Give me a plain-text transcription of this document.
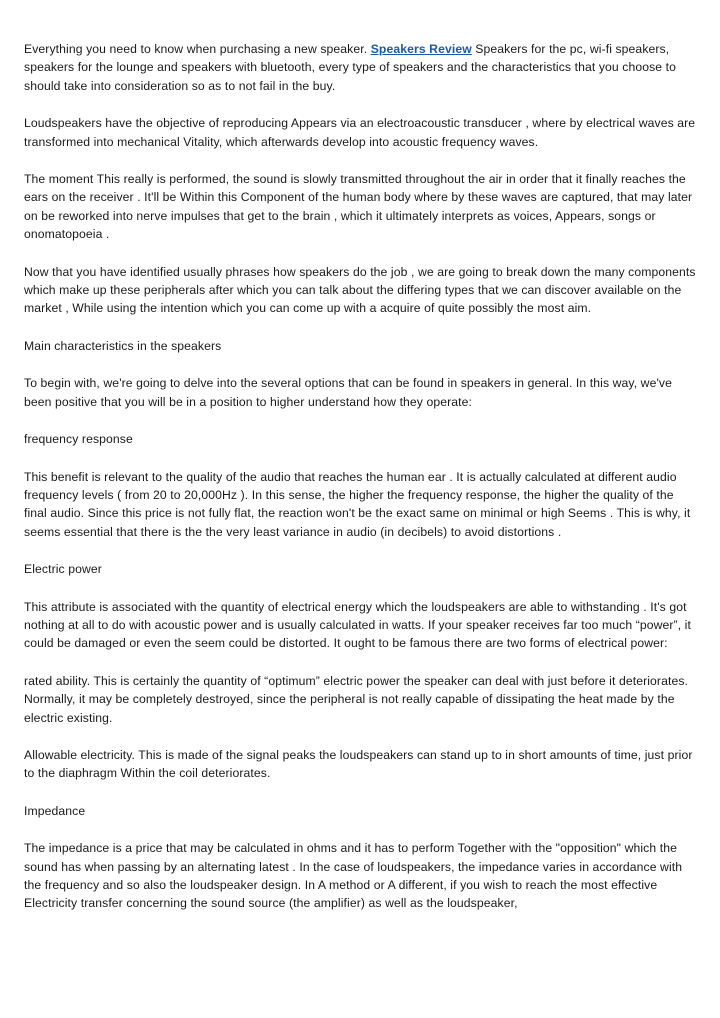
Everything you need to know when purchasing a new speaker. Speakers Review Speakers for the pc, wi-fi speakers, speakers for the lounge and speakers with bluetooth, every type of speakers and the characteristics that you choose to should take into consideration so as to not fail in the buy.

Loudspeakers have the objective of reproducing Appears via an electroacoustic transducer , where by electrical waves are transformed into mechanical Vitality, which afterwards develop into acoustic frequency waves.

The moment This really is performed, the sound is slowly transmitted throughout the air in order that it finally reaches the ears on the receiver . It'll be Within this Component of the human body where by these waves are captured, that may later on be reworked into nerve impulses that get to the brain , which it ultimately interprets as voices, Appears, songs or onomatopoeia .

Now that you have identified usually phrases how speakers do the job , we are going to break down the many components which make up these peripherals after which you can talk about the differing types that we can discover available on the market , While using the intention which you can come up with a acquire of quite possibly the most aim.

Main characteristics in the speakers

To begin with, we're going to delve into the several options that can be found in speakers in general. In this way, we've been positive that you will be in a position to higher understand how they operate:

frequency response

This benefit is relevant to the quality of the audio that reaches the human ear . It is actually calculated at different audio frequency levels ( from 20 to 20,000Hz ). In this sense, the higher the frequency response, the higher the quality of the final audio. Since this price is not fully flat, the reaction won't be the exact same on minimal or high Seems . This is why, it seems essential that there is the the very least variance in audio (in decibels) to avoid distortions .

Electric power

This attribute is associated with the quantity of electrical energy which the loudspeakers are able to withstanding . It's got nothing at all to do with acoustic power and is usually calculated in watts. If your speaker receives far too much “power”, it could be damaged or even the seem could be distorted. It ought to be famous there are two forms of electrical power:

rated ability. This is certainly the quantity of “optimum” electric power the speaker can deal with just before it deteriorates. Normally, it may be completely destroyed, since the peripheral is not really capable of dissipating the heat made by the electric existing.

Allowable electricity. This is made of the signal peaks the loudspeakers can stand up to in short amounts of time, just prior to the diaphragm Within the coil deteriorates.

Impedance

The impedance is a price that may be calculated in ohms and it has to perform Together with the "opposition" which the sound has when passing by an alternating latest . In the case of loudspeakers, the impedance varies in accordance with the frequency and so also the loudspeaker design. In A method or A different, if you wish to reach the most effective Electricity transfer concerning the sound source (the amplifier) as well as the loudspeaker,
